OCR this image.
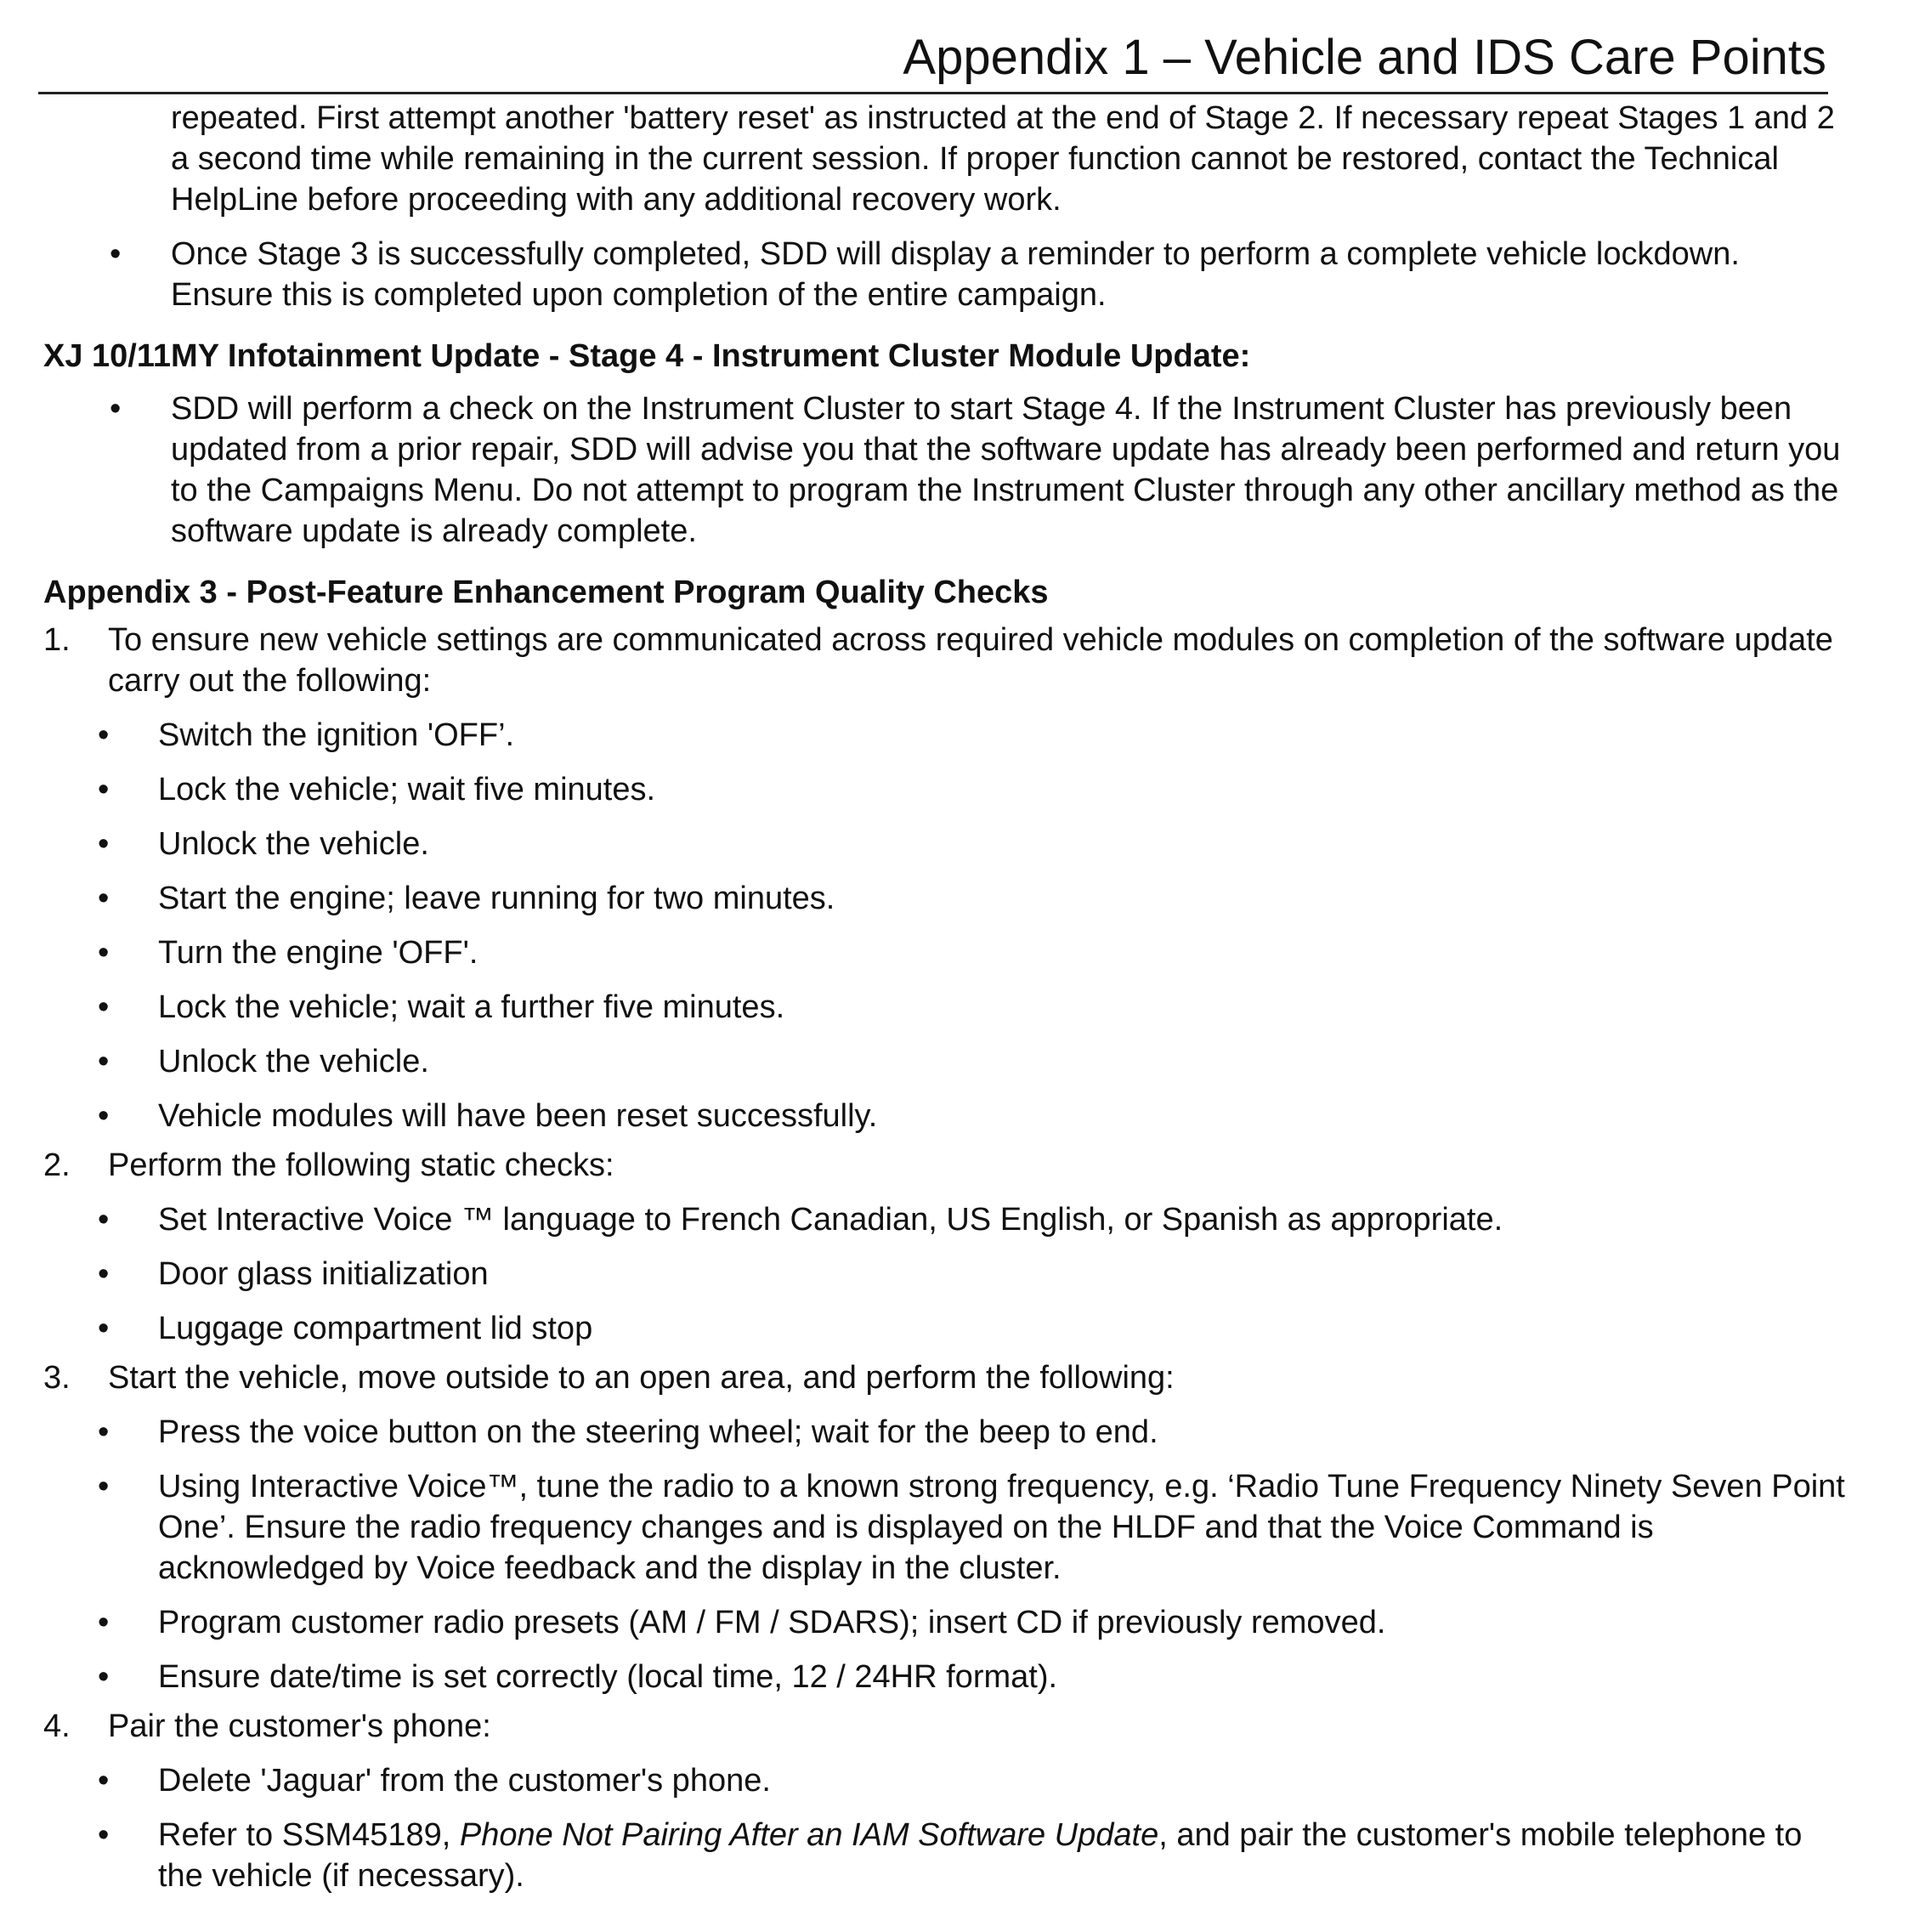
Appendix 1 – Vehicle and IDS Care Points
repeated. First attempt another 'battery reset' as instructed at the end of Stage 2. If necessary repeat Stages 1 and 2 a second time while remaining in the current session. If proper function cannot be restored, contact the Technical HelpLine before proceeding with any additional recovery work.
• Once Stage 3 is successfully completed, SDD will display a reminder to perform a complete vehicle lockdown. Ensure this is completed upon completion of the entire campaign.
XJ 10/11MY Infotainment Update - Stage 4 - Instrument Cluster Module Update:
• SDD will perform a check on the Instrument Cluster to start Stage 4. If the Instrument Cluster has previously been updated from a prior repair, SDD will advise you that the software update has already been performed and return you to the Campaigns Menu. Do not attempt to program the Instrument Cluster through any other ancillary method as the software update is already complete.
Appendix 3 - Post-Feature Enhancement Program Quality Checks
1. To ensure new vehicle settings are communicated across required vehicle modules on completion of the software update carry out the following:
• Switch the ignition 'OFF’.
• Lock the vehicle; wait five minutes.
• Unlock the vehicle.
• Start the engine; leave running for two minutes.
• Turn the engine 'OFF'.
• Lock the vehicle; wait a further five minutes.
• Unlock the vehicle.
• Vehicle modules will have been reset successfully.
2. Perform the following static checks:
• Set Interactive Voice ™ language to French Canadian, US English, or Spanish as appropriate.
• Door glass initialization
• Luggage compartment lid stop
3. Start the vehicle, move outside to an open area, and perform the following:
• Press the voice button on the steering wheel; wait for the beep to end.
• Using Interactive Voice™, tune the radio to a known strong frequency, e.g. ‘Radio Tune Frequency Ninety Seven Point One’. Ensure the radio frequency changes and is displayed on the HLDF and that the Voice Command is acknowledged by Voice feedback and the display in the cluster.
• Program customer radio presets (AM / FM / SDARS); insert CD if previously removed.
• Ensure date/time is set correctly (local time, 12 / 24HR format).
4. Pair the customer's phone:
• Delete 'Jaguar' from the customer's phone.
• Refer to SSM45189, Phone Not Pairing After an IAM Software Update, and pair the customer's mobile telephone to the vehicle (if necessary).
